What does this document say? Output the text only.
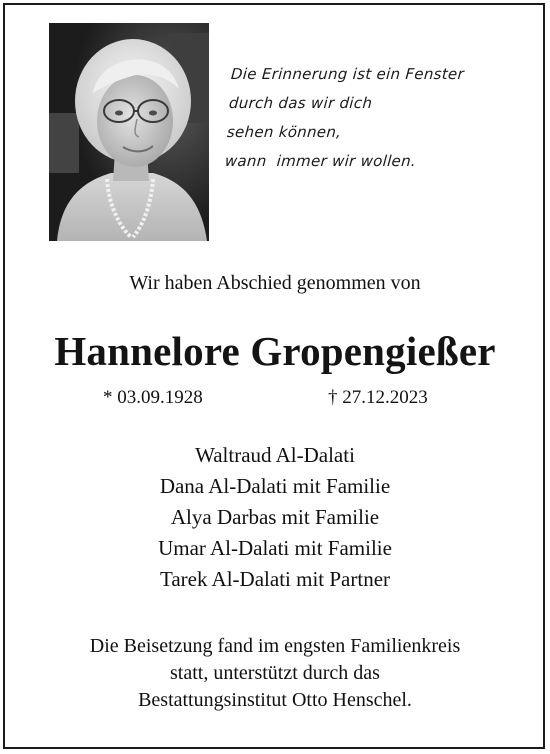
Die Erinnerung ist ein Fenster
durch das wir dich
sehen können,
wann  immer wir wollen.
Wir haben Abschied genommen von
Hannelore Gropengießer
* 03.09.1928	† 27.12.2023
Waltraud Al-Dalati
Dana Al-Dalati mit Familie
Alya Darbas mit Familie
Umar Al-Dalati mit Familie
Tarek Al-Dalati mit Partner
Die Beisetzung fand im engsten Familienkreis
statt, unterstützt durch das
Bestattungsinstitut Otto Henschel.
